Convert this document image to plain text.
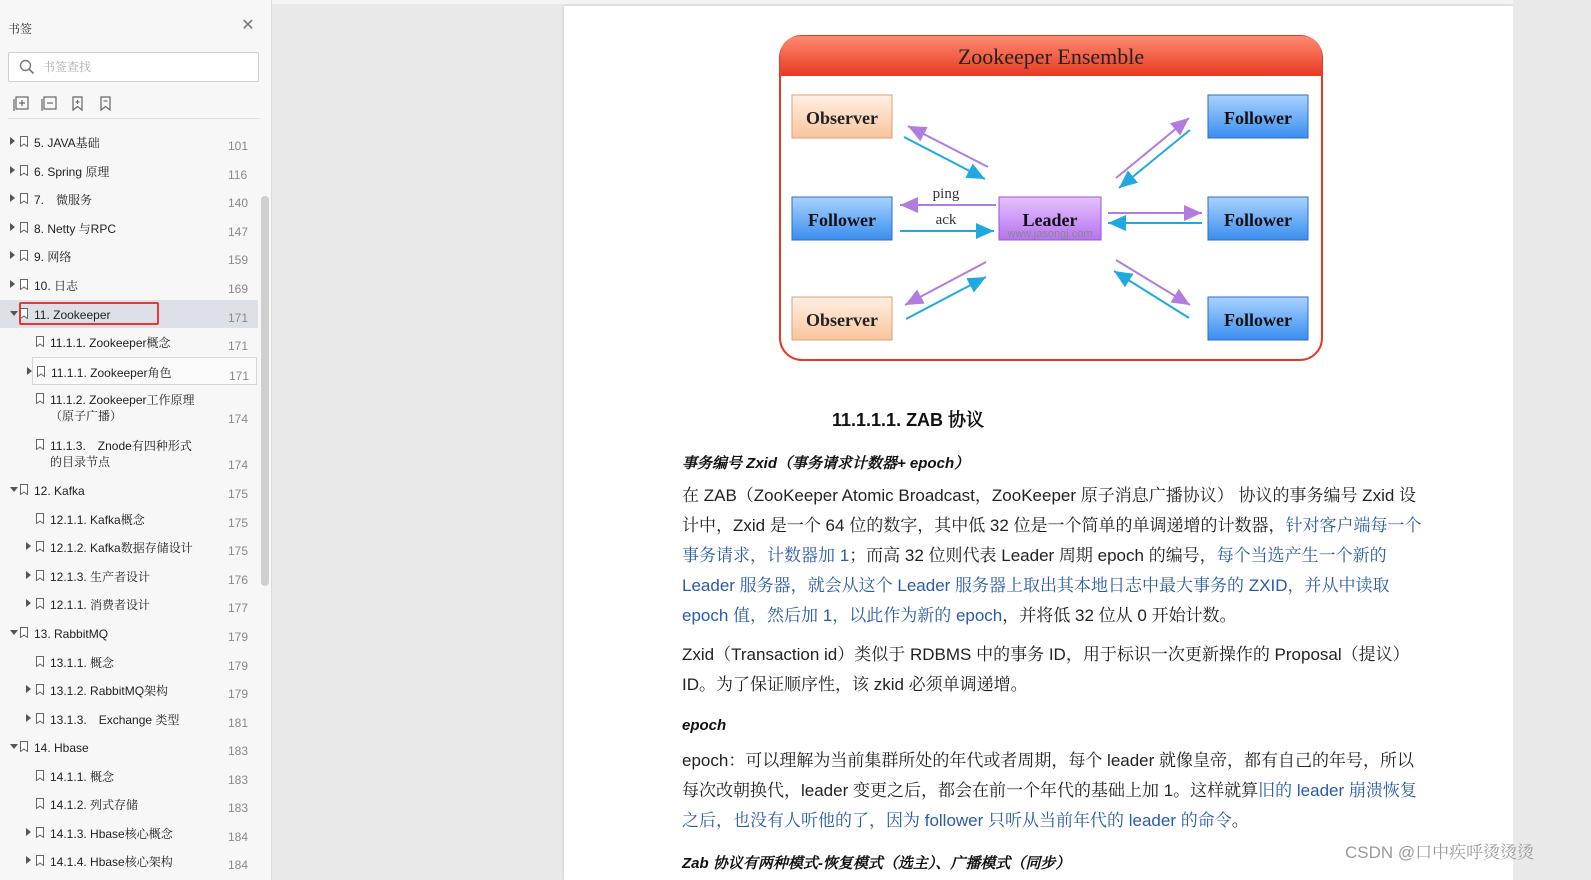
书签	✕
书签查找
5. JAVA基础	101
6. Spring 原理	116
7.　微服务	140
8. Netty 与RPC	147
9. 网络	159
10. 日志	169
11. Zookeeper	171
11.1.1. Zookeeper概念	171
11.1.1. Zookeeper角色	171
11.1.2. Zookeeper工作原理（原子广播）	174
11.1.3.　Znode有四种形式的目录节点	174
12. Kafka	175
12.1.1. Kafka概念	175
12.1.2. Kafka数据存储设计	175
12.1.3. 生产者设计	176
12.1.1. 消费者设计	177
13. RabbitMQ	179
13.1.1. 概念	179
13.1.2. RabbitMQ架构	179
13.1.3.　Exchange 类型	181
14. Hbase	183
14.1.1. 概念	183
14.1.2. 列式存储	183
14.1.3. Hbase核心概念	184
14.1.4. Hbase核心架构	184
Zookeeper Ensemble
Observer
Follower
Observer
Follower
Follower
Follower
Leader
www.jasongj.com
ping
ack
11.1.1.1. ZAB 协议
事务编号 Zxid（事务请求计数器+ epoch）
在 ZAB（ZooKeeper Atomic Broadcast，ZooKeeper 原子消息广播协议） 协议的事务编号 Zxid 设计中，Zxid 是一个 64 位的数字，其中低 32 位是一个简单的单调递增的计数器，针对客户端每一个事务请求，计数器加 1；而高 32 位则代表 Leader 周期 epoch 的编号，每个当选产生一个新的 Leader 服务器，就会从这个 Leader 服务器上取出其本地日志中最大事务的 ZXID，并从中读取 epoch 值，然后加 1，以此作为新的 epoch，并将低 32 位从 0 开始计数。
Zxid（Transaction id）类似于 RDBMS 中的事务 ID，用于标识一次更新操作的 Proposal（提议）ID。为了保证顺序性，该 zkid 必须单调递增。
epoch
epoch：可以理解为当前集群所处的年代或者周期，每个 leader 就像皇帝，都有自己的年号，所以每次改朝换代，leader 变更之后，都会在前一个年代的基础上加 1。这样就算旧的 leader 崩溃恢复之后，也没有人听他的了，因为 follower 只听从当前年代的 leader 的命令。
Zab 协议有两种模式-恢复模式（选主）、广播模式（同步）
CSDN @口中疾呼烫烫烫
